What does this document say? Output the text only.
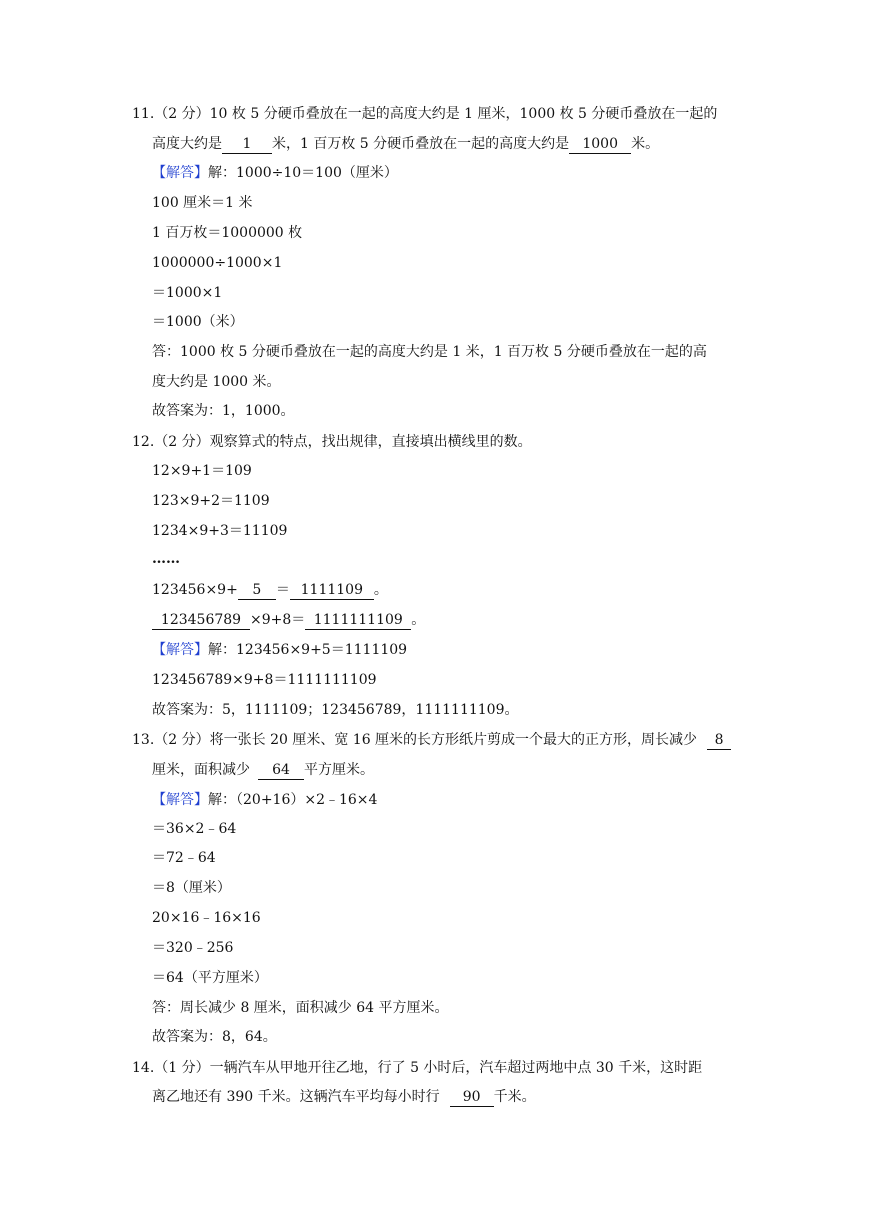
11.（2 分）10 枚 5 分硬币叠放在一起的高度大约是 1 厘米，1000 枚 5 分硬币叠放在一起的
高度大约是 1 米，1 百万枚 5 分硬币叠放在一起的高度大约是 1000 米。
【解答】解：1000÷10＝100（厘米）
100 厘米＝1 米
1 百万枚＝1000000 枚
1000000÷1000×1
＝1000×1
＝1000（米）
答：1000 枚 5 分硬币叠放在一起的高度大约是 1 米，1 百万枚 5 分硬币叠放在一起的高
度大约是 1000 米。
故答案为：1，1000。
12.（2 分）观察算式的特点，找出规律，直接填出横线里的数。
12×9+1＝109
123×9+2＝1109
1234×9+3＝11109
……
123456×9+ 5 ＝ 1111109 。
123456789 ×9+8＝ 1111111109 。
【解答】解：123456×9+5＝1111109
123456789×9+8＝1111111109
故答案为：5，1111109；123456789，1111111109。
13.（2 分）将一张长 20 厘米、宽 16 厘米的长方形纸片剪成一个最大的正方形，周长减少 8
厘米，面积减少 64 平方厘米。
【解答】解：（20+16）×2﹣16×4
＝36×2﹣64
＝72﹣64
＝8（厘米）
20×16﹣16×16
＝320﹣256
＝64（平方厘米）
答：周长减少 8 厘米，面积减少 64 平方厘米。
故答案为：8，64。
14.（1 分）一辆汽车从甲地开往乙地，行了 5 小时后，汽车超过两地中点 30 千米，这时距
离乙地还有 390 千米。这辆汽车平均每小时行 90 千米。
